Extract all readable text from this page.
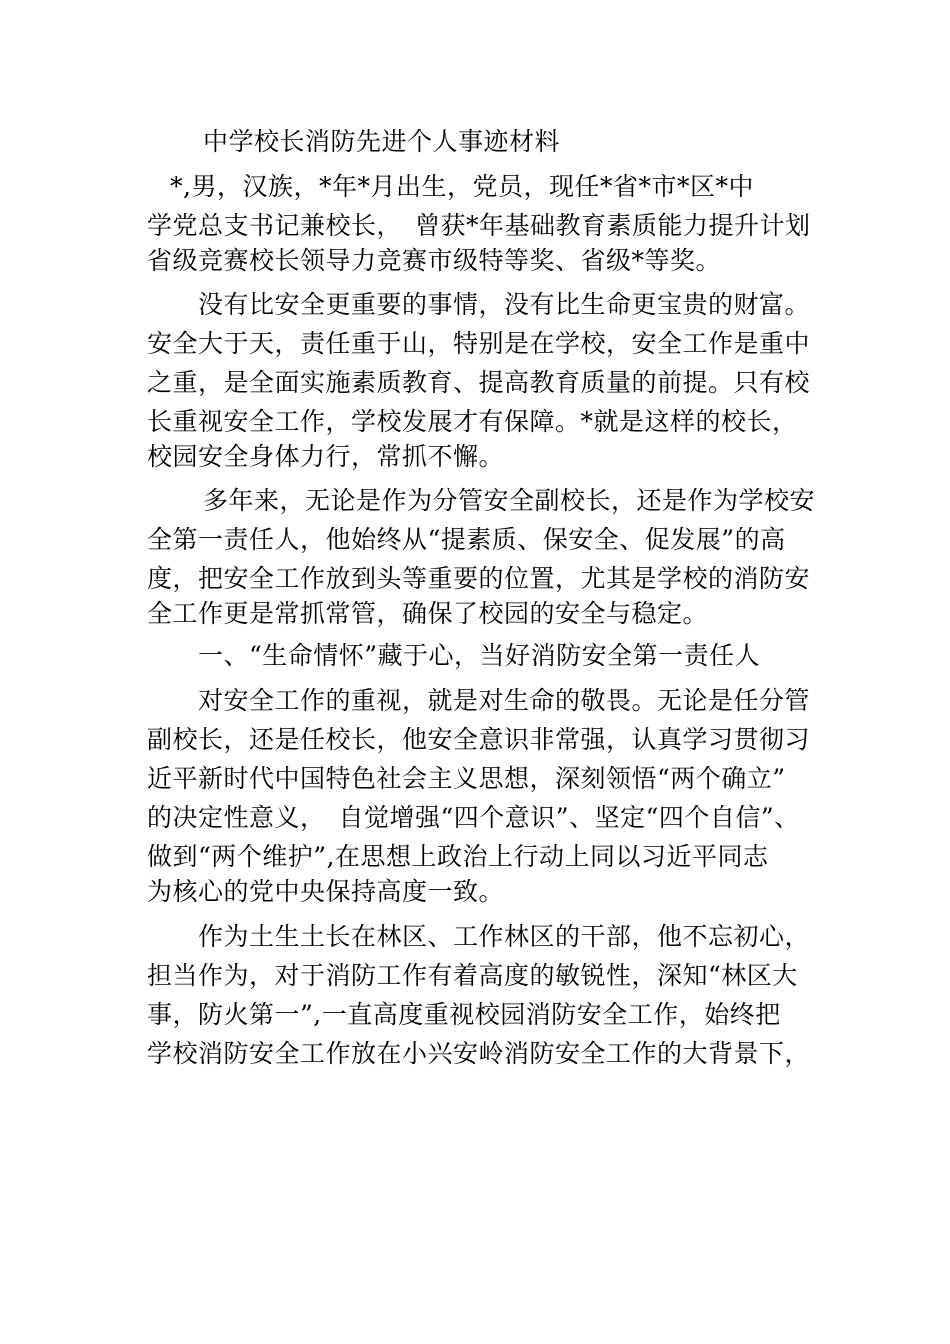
中学校长消防先进个人事迹材料
*,男，汉族，*年*月出生，党员，现任*省*市*区*中
学党总支书记兼校长，　曾获*年基础教育素质能力提升计划
省级竞赛校长领导力竞赛市级特等奖、省级*等奖。
没有比安全更重要的事情，没有比生命更宝贵的财富。
安全大于天，责任重于山，特别是在学校，安全工作是重中
之重，是全面实施素质教育、提高教育质量的前提。只有校
长重视安全工作，学校发展才有保障。*就是这样的校长，
校园安全身体力行，常抓不懈。
多年来，无论是作为分管安全副校长，还是作为学校安
全第一责任人，他始终从“提素质、保安全、促发展”的高
度，把安全工作放到头等重要的位置，尤其是学校的消防安
全工作更是常抓常管，确保了校园的安全与稳定。
一、“生命情怀”藏于心，当好消防安全第一责任人
对安全工作的重视，就是对生命的敬畏。无论是任分管
副校长，还是任校长，他安全意识非常强，认真学习贯彻习
近平新时代中国特色社会主义思想，深刻领悟“两个确立”
的决定性意义，　自觉增强“四个意识”、坚定“四个自信”、
做到“两个维护”,在思想上政治上行动上同以习近平同志
为核心的党中央保持高度一致。
作为土生土长在林区、工作林区的干部，他不忘初心，
担当作为，对于消防工作有着高度的敏锐性，深知“林区大
事，防火第一”,一直高度重视校园消防安全工作，始终把
学校消防安全工作放在小兴安岭消防安全工作的大背景下，
